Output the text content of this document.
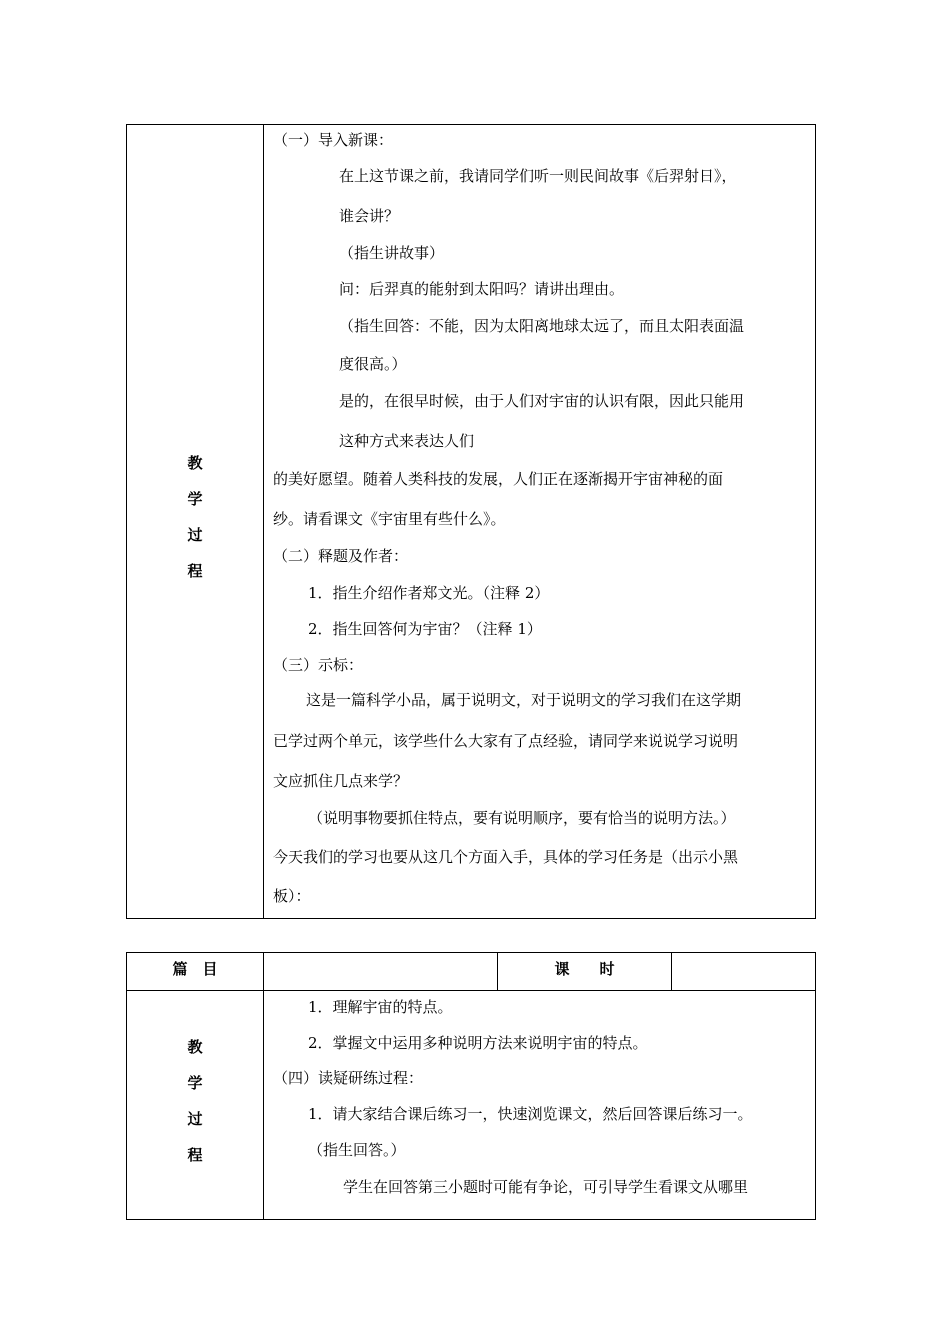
教
学
过
程
（一）导入新课：
在上这节课之前，我请同学们听一则民间故事《后羿射日》，
谁会讲？
（指生讲故事）
问：后羿真的能射到太阳吗？请讲出理由。
（指生回答：不能，因为太阳离地球太远了，而且太阳表面温
度很高。）
是的，在很早时候，由于人们对宇宙的认识有限，因此只能用
这种方式来表达人们
的美好愿望。随着人类科技的发展，人们正在逐渐揭开宇宙神秘的面
纱。请看课文《宇宙里有些什么》。
（二）释题及作者：
1．指生介绍作者郑文光。（注释 2）
2．指生回答何为宇宙？（注释 1）
（三）示标：
这是一篇科学小品，属于说明文，对于说明文的学习我们在这学期
已学过两个单元，该学些什么大家有了点经验，请同学来说说学习说明
文应抓住几点来学？
（说明事物要抓住特点，要有说明顺序，要有恰当的说明方法。）
今天我们的学习也要从这几个方面入手，具体的学习任务是（出示小黑
板）：
篇　目	课　　时
教
学
过
程
1．理解宇宙的特点。
2．掌握文中运用多种说明方法来说明宇宙的特点。
（四）读疑研练过程：
1．请大家结合课后练习一，快速浏览课文，然后回答课后练习一。
（指生回答。）
学生在回答第三小题时可能有争论，可引导学生看课文从哪里
